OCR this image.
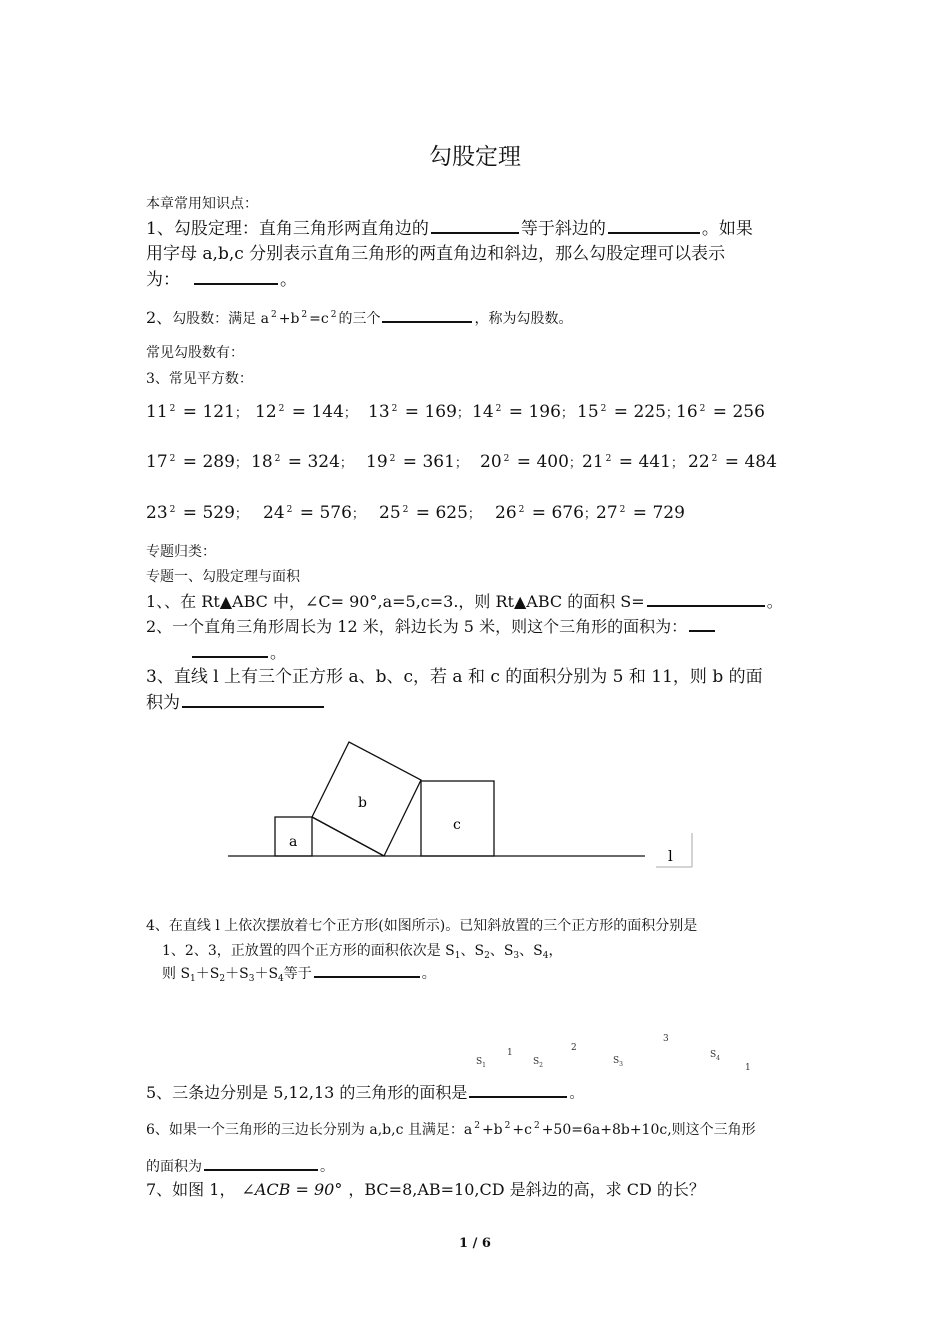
勾股定理
本章常用知识点：
1、勾股定理：直角三角形两直角边的	等于斜边的	。如果
用字母 a,b,c 分别表示直角三角形的两直角边和斜边，那么勾股定理可以表示
为：	。
2、勾股数：满足 a $^2$ +b $^2$ =c $^2$ 的三个	，称为勾股数。
常见勾股数有：
3、常见平方数：
11 $^2$ = 121； 12 $^2$ = 144； 13 $^2$ = 169； 14 $^2$ = 196； 15 $^2$ = 225；
16 $^2$ = 256
17 $^2$ = 289； 18 $^2$ = 324； 19 $^2$ = 361； 20 $^2$ = 400； 21 $^2$ = 441； 22 $^2$ = 484
23 $^2$ = 529； 24 $^2$ = 576； 25 $^2$ = 625； 26 $^2$ = 676； 27 $^2$ = 729
专题归类：
专题一、勾股定理与面积
1、、在 Rt▲ABC 中，∠C= 90°,a=5,c=3.，则 Rt▲ABC 的面积 S=	。
2、一个直角三角形周长为 12 米，斜边长为 5 米，则这个三角形的面积为：
。
3、直线 l 上有三个正方形 a、b、c，若 a 和 c 的面积分别为 5 和 11，则 b 的面
积为
a
b
c
l
4、在直线 l 上依次摆放着七个正方形(如图所示)。已知斜放置的三个正方形的面积分别是
1、2、3，正放置的四个正方形的面积依次是 $S_1$、$S_2$、$S_3$、$S_4$，
则 $S_1+S_2+S_3+S_4$等于	。
$S_1$
1
$S_2$
2
$S_3$
3
$S_4$
1
5、三条边分别是 5,12,13 的三角形的面积是	。
6、如果一个三角形的三边长分别为 a,b,c 且满足：a $^2$ +b $^2$ +c $^2$ +50=6a+8b+10c,则这个三角形
的面积为	。
7、如图 1， ∠ACB = 90° ，BC=8,AB=10,CD 是斜边的高，求 CD 的长？
1 / 6
